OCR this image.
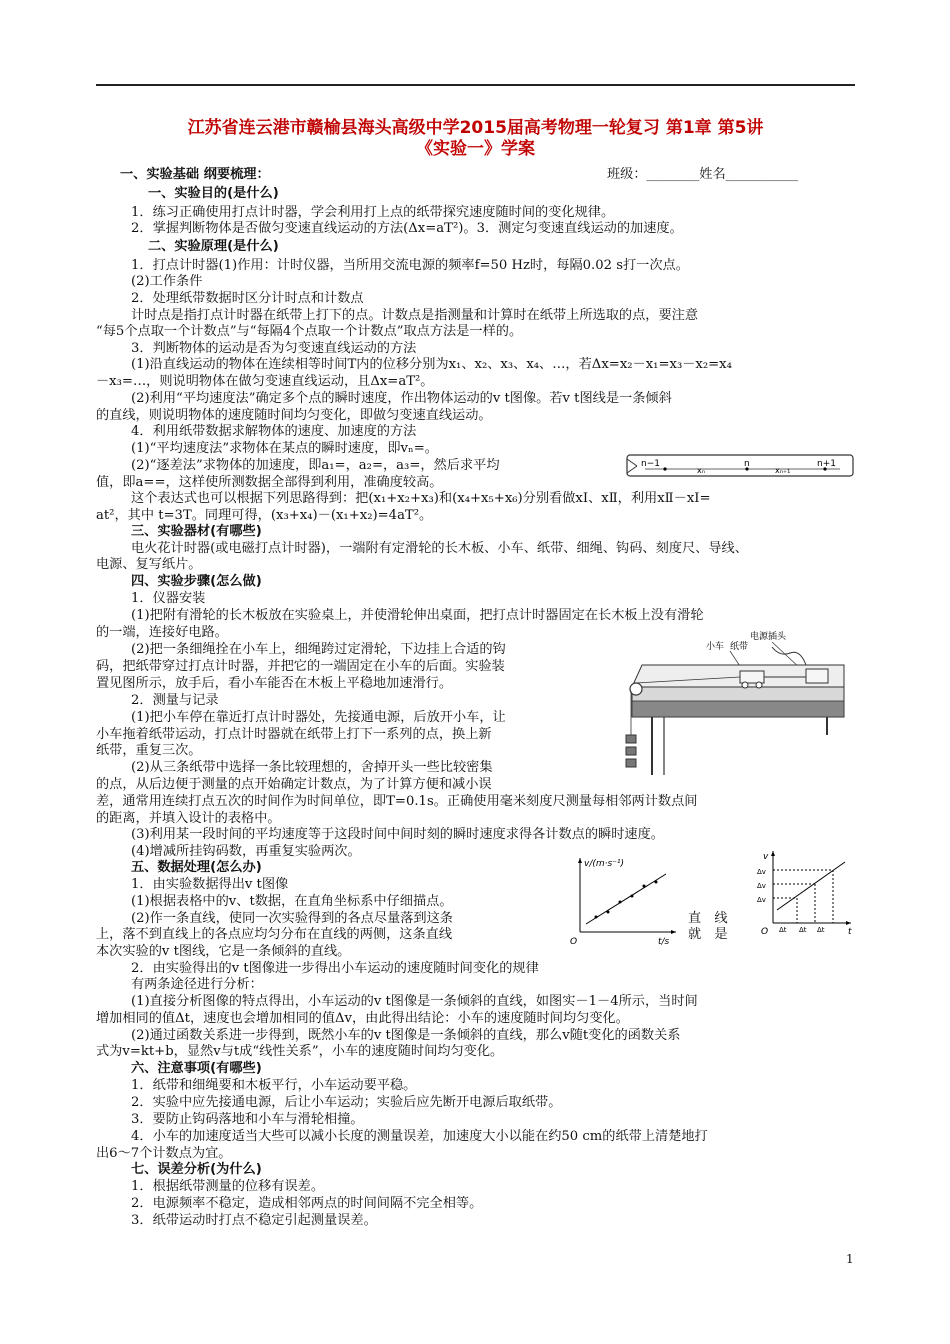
江苏省连云港市赣榆县海头高级中学2015届高考物理一轮复习 第1章 第5讲
《实验一》学案
一、实验基础 纲要梳理：	班级：________姓名___________
一、实验目的(是什么)
1．练习正确使用打点计时器，学会利用打上点的纸带探究速度随时间的变化规律。
2．掌握判断物体是否做匀变速直线运动的方法(Δx=aT²)。3．测定匀变速直线运动的加速度。
二、实验原理(是什么)
1．打点计时器(1)作用：计时仪器，当所用交流电源的频率f=50 Hz时，每隔0.02 s打一次点。
(2)工作条件
2．处理纸带数据时区分计时点和计数点
计时点是指打点计时器在纸带上打下的点。计数点是指测量和计算时在纸带上所选取的点，要注意
“每5个点取一个计数点”与“每隔4个点取一个计数点”取点方法是一样的。
3．判断物体的运动是否为匀变速直线运动的方法
(1)沿直线运动的物体在连续相等时间T内的位移分别为x₁、x₂、x₃、x₄、…，若Δx=x₂－x₁=x₃－x₂=x₄
－x₃=…，则说明物体在做匀变速直线运动，且Δx=aT²。
(2)利用“平均速度法”确定多个点的瞬时速度，作出物体运动的v t图像。若v t图线是一条倾斜
的直线，则说明物体的速度随时间均匀变化，即做匀变速直线运动。
4．利用纸带数据求解物体的速度、加速度的方法
(1)“平均速度法”求物体在某点的瞬时速度，即vₙ=。
(2)“逐差法”求物体的加速度，即a₁=，a₂=，a₃=，然后求平均
值，即a==，这样使所测数据全部得到利用，准确度较高。
这个表达式也可以根据下列思路得到：把(x₁+x₂+x₃)和(x₄+x₅+x₆)分别看做xⅠ、xⅡ，利用xⅡ－xⅠ=
at²，其中 t=3T。同理可得，(x₃+x₄)－(x₁+x₂)=4aT²。
三、实验器材(有哪些)
电火花计时器(或电磁打点计时器)，一端附有定滑轮的长木板、小车、纸带、细绳、钩码、刻度尺、导线、
电源、复写纸片。
四、实验步骤(怎么做)
1．仪器安装
(1)把附有滑轮的长木板放在实验桌上，并使滑轮伸出桌面，把打点计时器固定在长木板上没有滑轮
的一端，连接好电路。
(2)把一条细绳拴在小车上，细绳跨过定滑轮，下边挂上合适的钩
码，把纸带穿过打点计时器，并把它的一端固定在小车的后面。实验装
置见图所示，放手后，看小车能否在木板上平稳地加速滑行。
2．测量与记录
(1)把小车停在靠近打点计时器处，先接通电源，后放开小车，让
小车拖着纸带运动，打点计时器就在纸带上打下一系列的点，换上新
纸带，重复三次。
(2)从三条纸带中选择一条比较理想的，舍掉开头一些比较密集
的点，从后边便于测量的点开始确定计数点，为了计算方便和减小误
差，通常用连续打点五次的时间作为时间单位，即T=0.1s。正确使用毫米刻度尺测量每相邻两计数点间
的距离，并填入设计的表格中。
(3)利用某一段时间的平均速度等于这段时间中间时刻的瞬时速度求得各计数点的瞬时速度。
(4)增减所挂钩码数，再重复实验两次。
五、数据处理(怎么办)
1．由实验数据得出v t图像
(1)根据表格中的v、t数据，在直角坐标系中仔细描点。
(2)作一条直线，使同一次实验得到的各点尽量落到这条	直　线
上，落不到直线上的各点应均匀分布在直线的两侧，这条直线	就　是
本次实验的v t图线，它是一条倾斜的直线。
2．由实验得出的v t图像进一步得出小车运动的速度随时间变化的规律
有两条途径进行分析：
(1)直接分析图像的特点得出，小车运动的v t图像是一条倾斜的直线，如图实－1－4所示，当时间
增加相同的值Δt，速度也会增加相同的值Δv，由此得出结论：小车的速度随时间均匀变化。
(2)通过函数关系进一步得到，既然小车的v t图像是一条倾斜的直线，那么v随t变化的函数关系
式为v=kt+b，显然v与t成“线性关系”，小车的速度随时间均匀变化。
六、注意事项(有哪些)
1．纸带和细绳要和木板平行，小车运动要平稳。
2．实验中应先接通电源，后让小车运动；实验后应先断开电源后取纸带。
3．要防止钩码落地和小车与滑轮相撞。
4．小车的加速度适当大些可以减小长度的测量误差，加速度大小以能在约50 cm的纸带上清楚地打
出6～7个计数点为宜。
七、误差分析(为什么)
1．根据纸带测量的位移有误差。
2．电源频率不稳定，造成相邻两点的时间间隔不完全相等。
3．纸带运动时打点不稳定引起测量误差。
n−1
xₙ
n
xₙ₊₁
n+1
小车 纸带
电源插头
v/(m·s⁻¹)
t/s
O
v
t
O
Δv
Δv
Δv
Δt Δt Δt
1
